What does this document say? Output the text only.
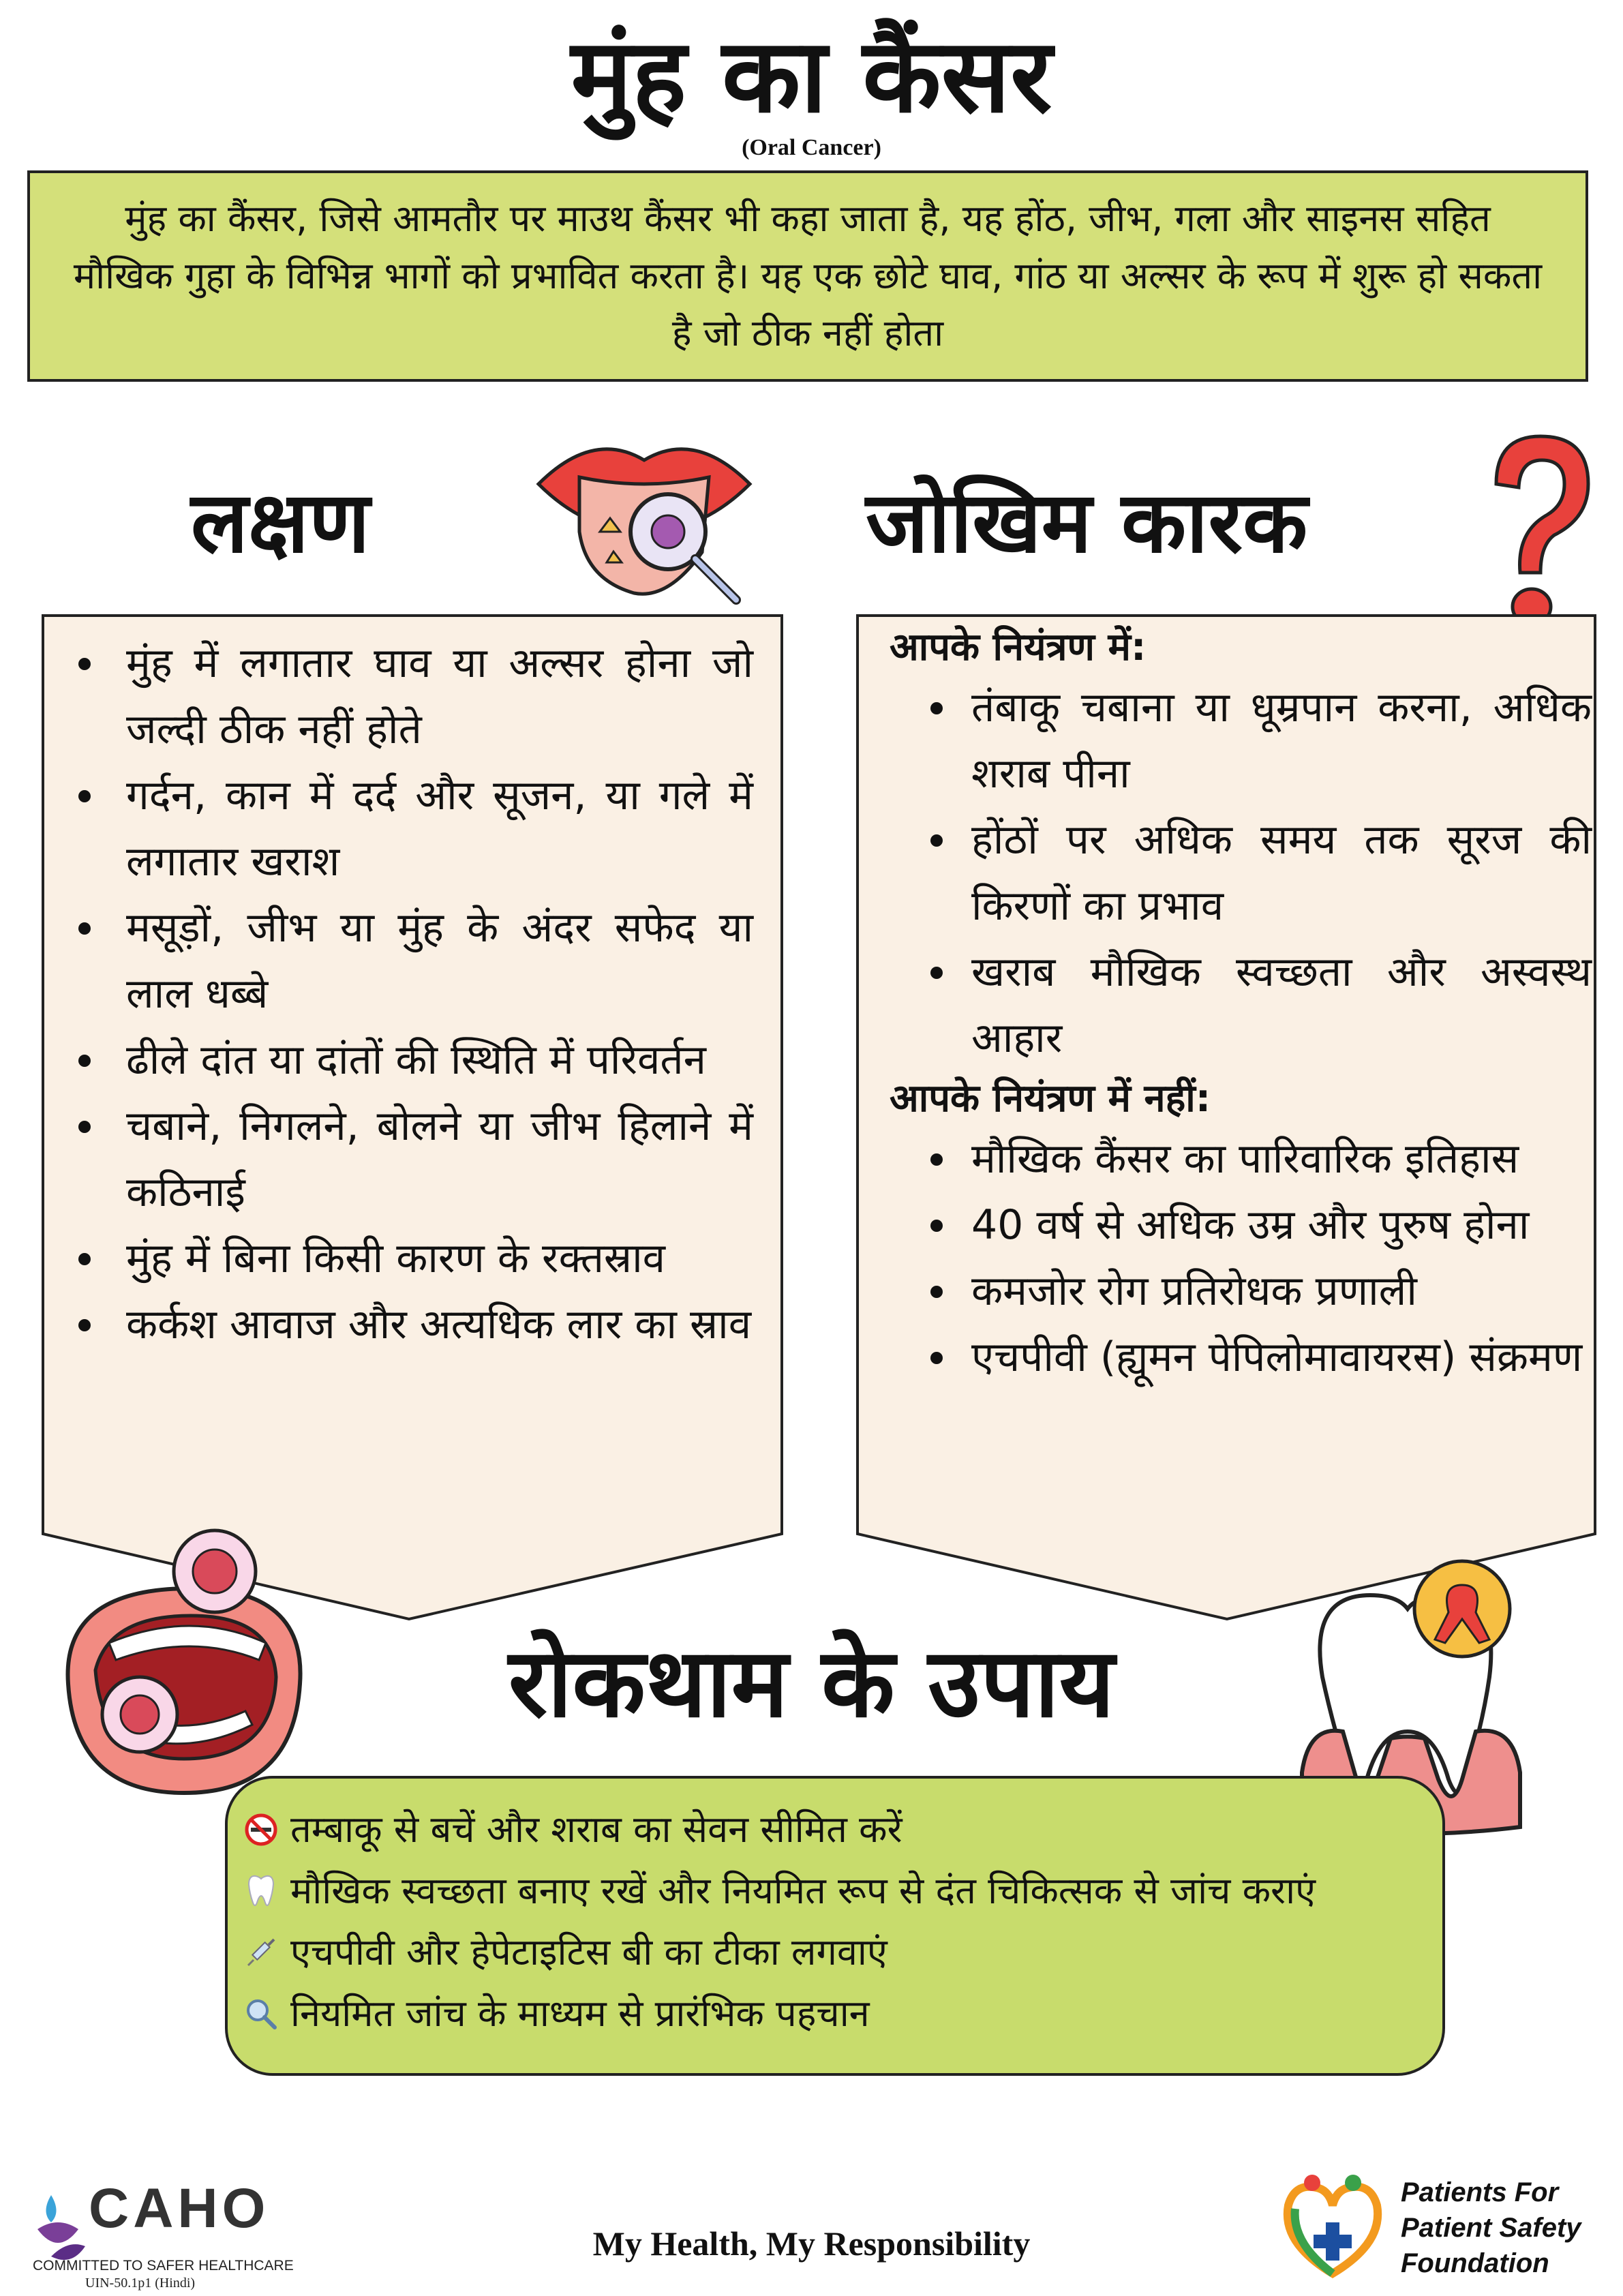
मुंह का कैंसर
(Oral Cancer)
मुंह का कैंसर, जिसे आमतौर पर माउथ कैंसर भी कहा जाता है, यह होंठ, जीभ, गला और साइनस सहित मौखिक गुहा के विभिन्न भागों को प्रभावित करता है। यह एक छोटे घाव, गांठ या अल्सर के रूप में शुरू हो सकता है जो ठीक नहीं होता
लक्षण	जोखिम कारक
मुंह में लगातार घाव या अल्सर होना जो जल्दी ठीक नहीं होते
गर्दन, कान में दर्द और सूजन, या गले में लगातार खराश
मसूड़ों, जीभ या मुंह के अंदर सफेद या लाल धब्बे
ढीले दांत या दांतों की स्थिति में परिवर्तन
चबाने, निगलने, बोलने या जीभ हिलाने में कठिनाई
मुंह में बिना किसी कारण के रक्तस्राव
कर्कश आवाज और अत्यधिक लार का स्राव
आपके नियंत्रण में:
तंबाकू चबाना या धूम्रपान करना, अधिक शराब पीना
होंठों पर अधिक समय तक सूरज की किरणों का प्रभाव
खराब मौखिक स्वच्छता और अस्वस्थ आहार
आपके नियंत्रण में नहीं:
मौखिक कैंसर का पारिवारिक इतिहास
40 वर्ष से अधिक उम्र और पुरुष होना
कमजोर रोग प्रतिरोधक प्रणाली
एचपीवी (ह्यूमन पेपिलोमावायरस) संक्रमण
रोकथाम के उपाय
तम्बाकू से बचें और शराब का सेवन सीमित करें
मौखिक स्वच्छता बनाए रखें और नियमित रूप से दंत चिकित्सक से जांच कराएं
एचपीवी और हेपेटाइटिस बी का टीका लगवाएं
नियमित जांच के माध्यम से प्रारंभिक पहचान
CAHO
COMMITTED TO SAFER HEALTHCARE
UIN-50.1p1 (Hindi)
My Health, My Responsibility
Patients For
Patient Safety
Foundation
